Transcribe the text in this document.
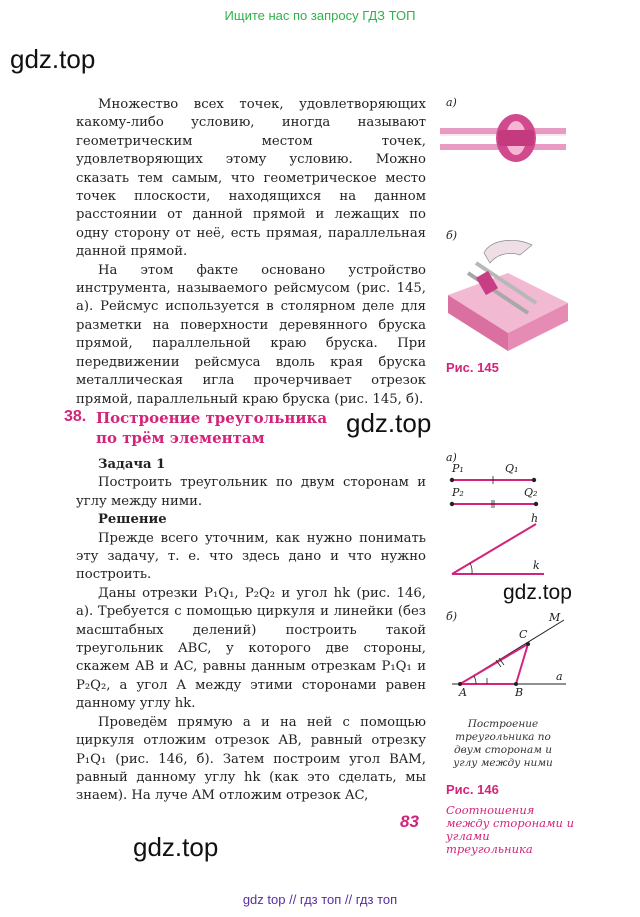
Ищите нас по запросу ГДЗ ТОП
gdz.top
gdz.top
gdz.top
gdz.top

Множество всех точек, удовлетворяющих какому-либо условию, иногда называют геометрическим местом точек, удовлетворяющих этому условию. Можно сказать тем самым, что геометрическое место точек плоскости, находящихся на данном расстоянии от данной прямой и лежащих по одну сторону от неё, есть прямая, параллельная данной прямой.

На этом факте основано устройство инструмента, называемого рейсмусом (рис. 145, а). Рейсмус используется в столярном деле для разметки на поверхности деревянного бруска прямой, параллельной краю бруска. При передвижении рейсмуса вдоль края бруска металлическая игла прочерчивает отрезок прямой, параллельный краю бруска (рис. 145, б).

а)
б)
Рис. 145
38. Построение треугольника
по трём элементам

Задача 1

Построить треугольник по двум сторонам и углу между ними.

Решение

Прежде всего уточним, как нужно понимать эту задачу, т. е. что здесь дано и что нужно построить.

Даны отрезки P₁Q₁, P₂Q₂ и угол hk (рис. 146, а). Требуется с помощью циркуля и линейки (без масштабных делений) построить такой треугольник ABC, у которого две стороны, скажем AB и AC, равны данным отрезкам P₁Q₁ и P₂Q₂, а угол A между этими сторонами равен данному углу hk.

Проведём прямую a и на ней с помощью циркуля отложим отрезок AB, равный отрезку P₁Q₁ (рис. 146, б). Затем построим угол BAM, равный данному углу hk (как это сделать, мы знаем). На луче AM отложим отрезок AC,

а)
P₁	Q₁
P₂	Q₂
h
k
б)	M
C
a
A	B
Построение треугольника по двум сторонам и углу между ними
Рис. 146
83
Соотношения между сторонами и углами треугольника
gdz top // гдз топ // гдз топ
